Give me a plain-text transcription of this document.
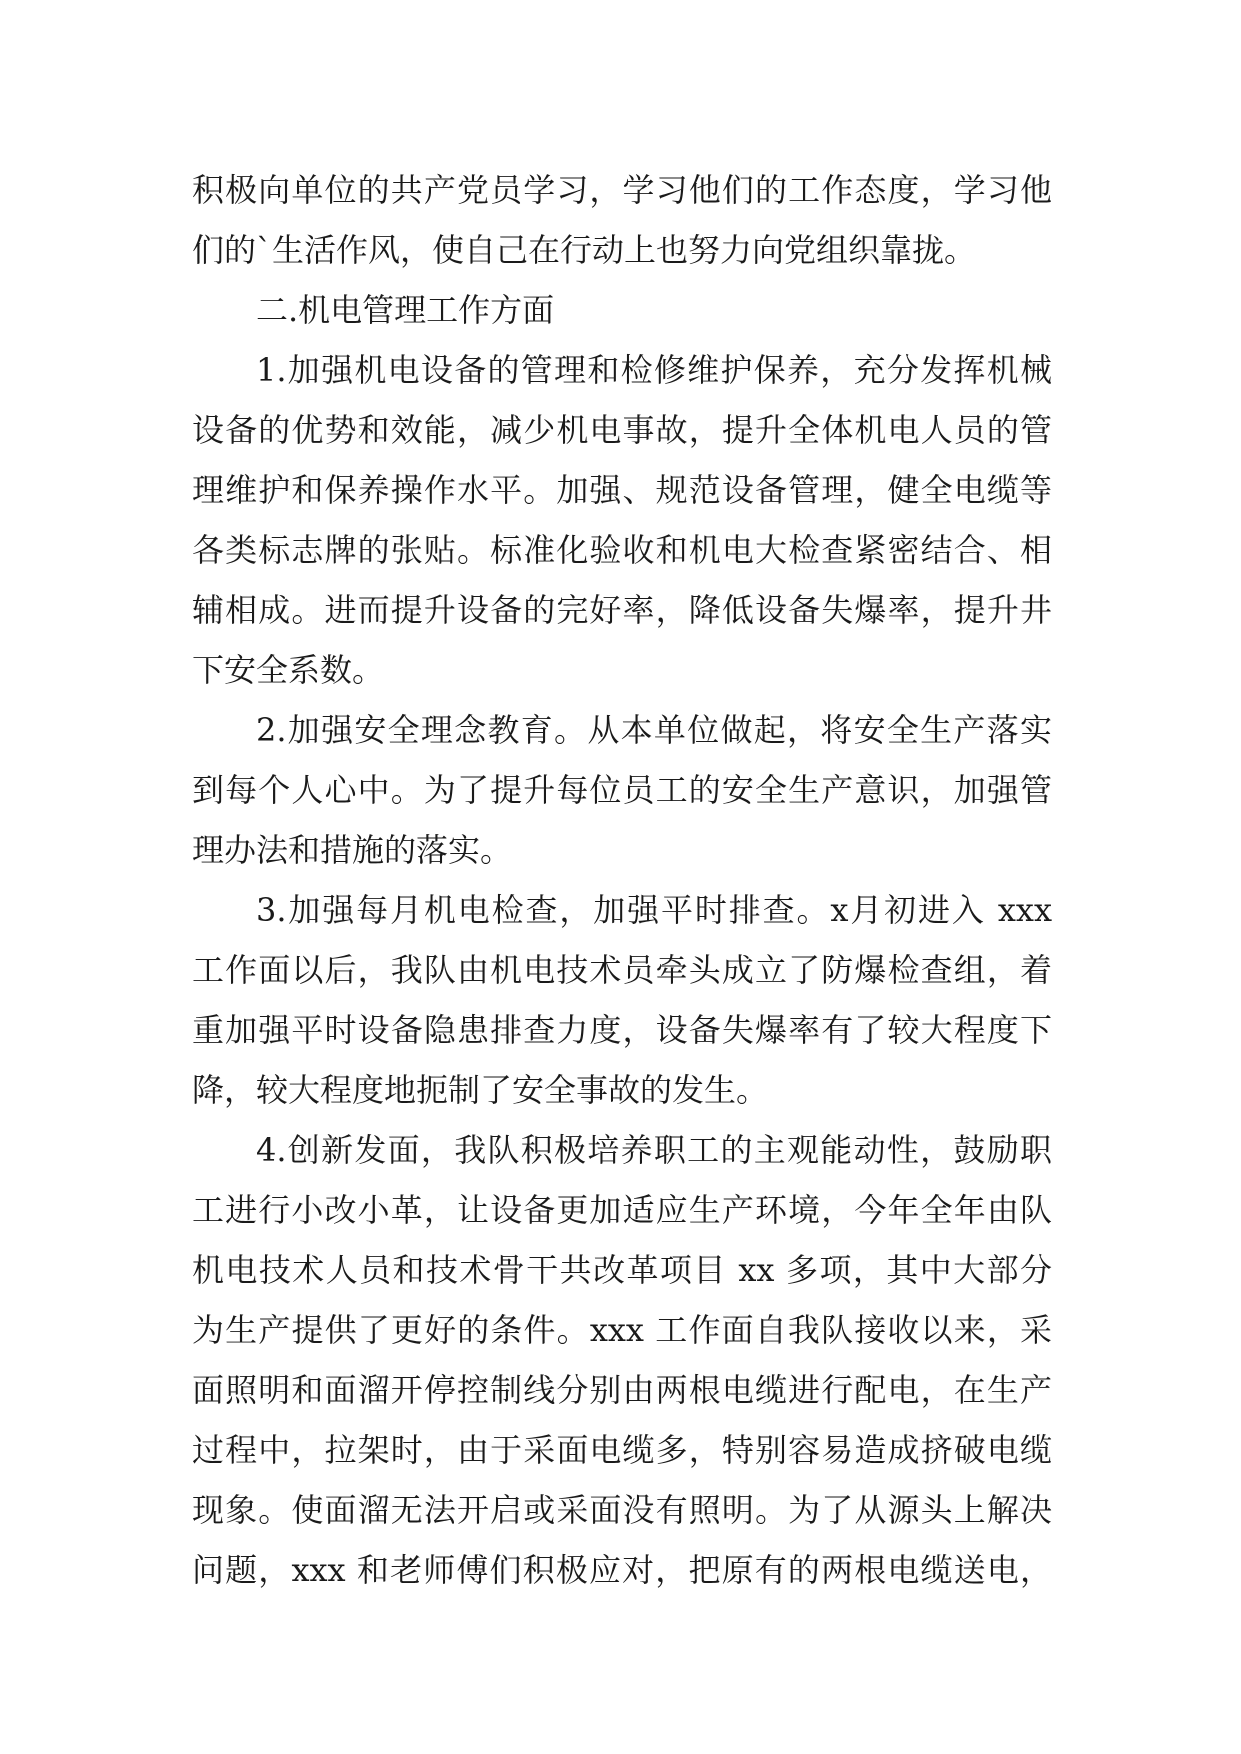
积极向单位的共产党员学习，学习他们的工作态度，学习他
们的`生活作风，使自己在行动上也努力向党组织靠拢。
二.机电管理工作方面
1.加强机电设备的管理和检修维护保养，充分发挥机械
设备的优势和效能，减少机电事故，提升全体机电人员的管
理维护和保养操作水平。加强、规范设备管理，健全电缆等
各类标志牌的张贴。标准化验收和机电大检查紧密结合、相
辅相成。进而提升设备的完好率，降低设备失爆率，提升井
下安全系数。
2.加强安全理念教育。从本单位做起，将安全生产落实
到每个人心中。为了提升每位员工的安全生产意识，加强管
理办法和措施的落实。
3.加强每月机电检查，加强平时排查。x月初进入 xxx
工作面以后，我队由机电技术员牵头成立了防爆检查组，着
重加强平时设备隐患排查力度，设备失爆率有了较大程度下
降，较大程度地扼制了安全事故的发生。
4.创新发面，我队积极培养职工的主观能动性，鼓励职
工进行小改小革，让设备更加适应生产环境，今年全年由队
机电技术人员和技术骨干共改革项目 xx 多项，其中大部分
为生产提供了更好的条件。xxx 工作面自我队接收以来，采
面照明和面溜开停控制线分别由两根电缆进行配电，在生产
过程中，拉架时，由于采面电缆多，特别容易造成挤破电缆
现象。使面溜无法开启或采面没有照明。为了从源头上解决
问题，xxx 和老师傅们积极应对，把原有的两根电缆送电，
